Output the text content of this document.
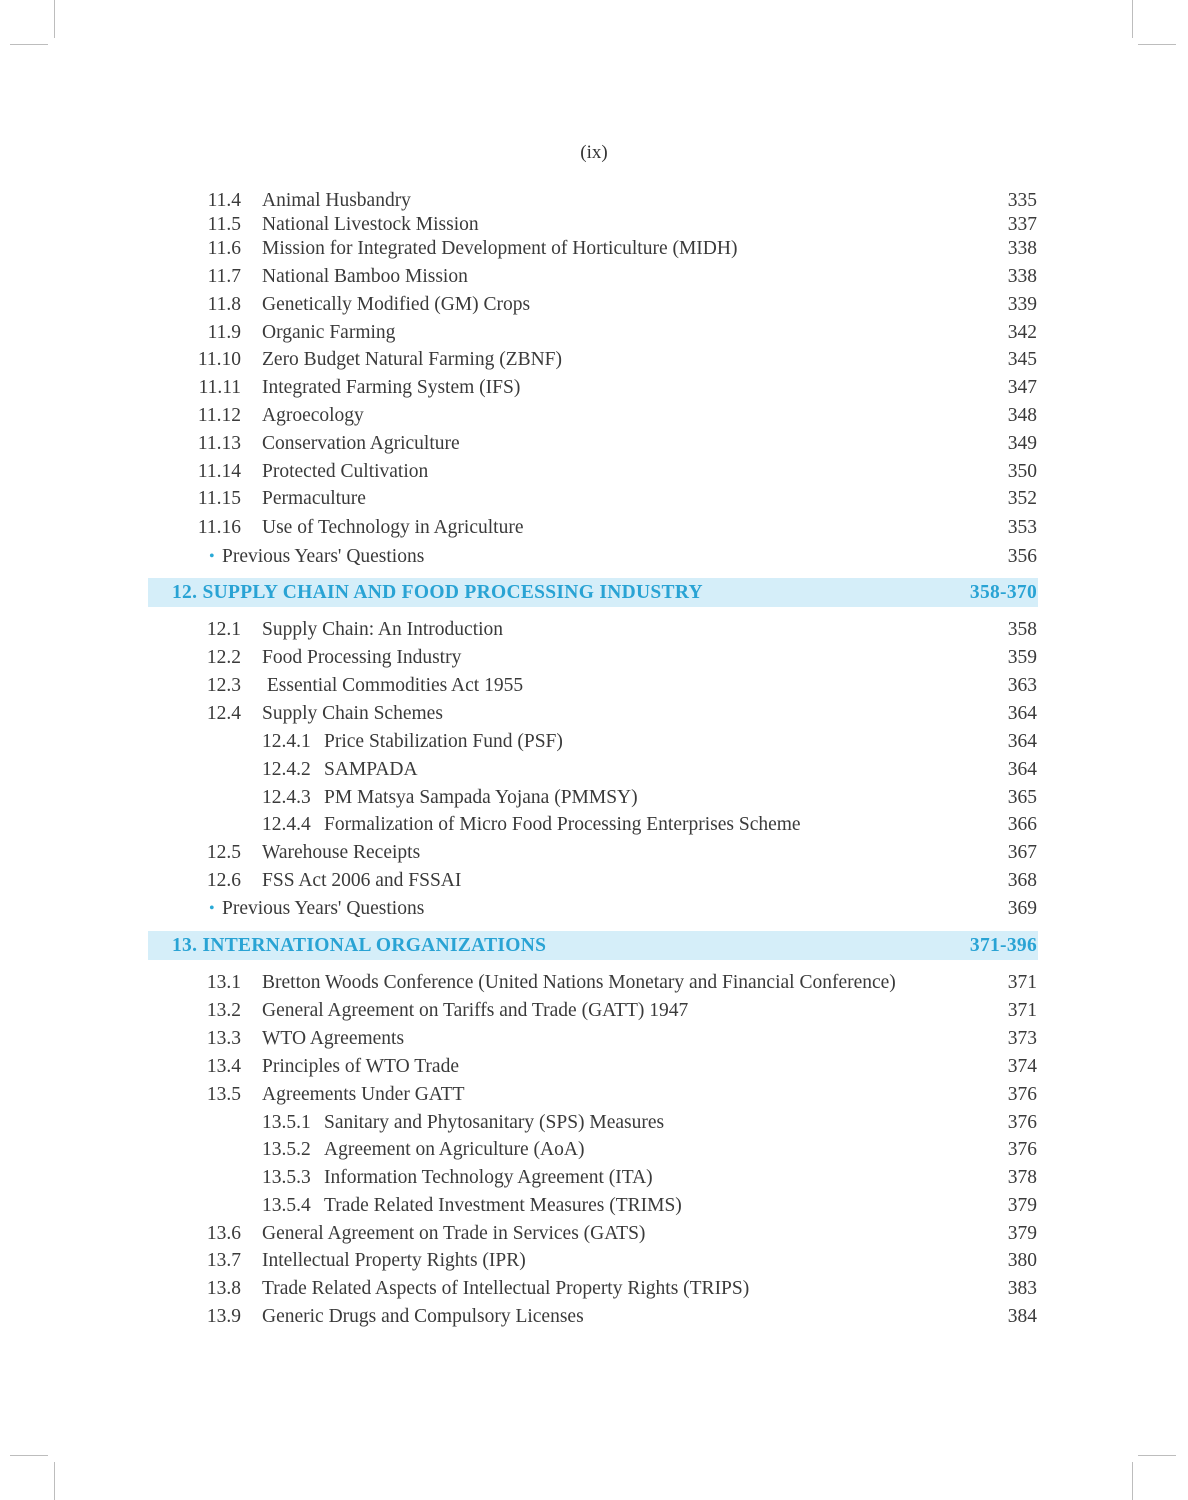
(ix)
11.4 Animal Husbandry	335
11.5 National Livestock Mission	337
11.6 Mission for Integrated Development of Horticulture (MIDH)	338
11.7 National Bamboo Mission	338
11.8 Genetically Modified (GM) Crops	339
11.9 Organic Farming	342
11.10 Zero Budget Natural Farming (ZBNF)	345
11.11 Integrated Farming System (IFS)	347
11.12 Agroecology	348
11.13 Conservation Agriculture	349
11.14 Protected Cultivation	350
11.15 Permaculture	352
11.16 Use of Technology in Agriculture	353
• Previous Years' Questions	356
12. SUPPLY CHAIN AND FOOD PROCESSING INDUSTRY	358-370
12.1 Supply Chain: An Introduction	358
12.2 Food Processing Industry	359
12.3 Essential Commodities Act 1955	363
12.4 Supply Chain Schemes	364
12.4.1 Price Stabilization Fund (PSF)	364
12.4.2 SAMPADA	364
12.4.3 PM Matsya Sampada Yojana (PMMSY)	365
12.4.4 Formalization of Micro Food Processing Enterprises Scheme	366
12.5 Warehouse Receipts	367
12.6 FSS Act 2006 and FSSAI	368
• Previous Years' Questions	369
13. INTERNATIONAL ORGANIZATIONS	371-396
13.1 Bretton Woods Conference (United Nations Monetary and Financial Conference)	371
13.2 General Agreement on Tariffs and Trade (GATT) 1947	371
13.3 WTO Agreements	373
13.4 Principles of WTO Trade	374
13.5 Agreements Under GATT	376
13.5.1 Sanitary and Phytosanitary (SPS) Measures	376
13.5.2 Agreement on Agriculture (AoA)	376
13.5.3 Information Technology Agreement (ITA)	378
13.5.4 Trade Related Investment Measures (TRIMS)	379
13.6 General Agreement on Trade in Services (GATS)	379
13.7 Intellectual Property Rights (IPR)	380
13.8 Trade Related Aspects of Intellectual Property Rights (TRIPS)	383
13.9 Generic Drugs and Compulsory Licenses	384
